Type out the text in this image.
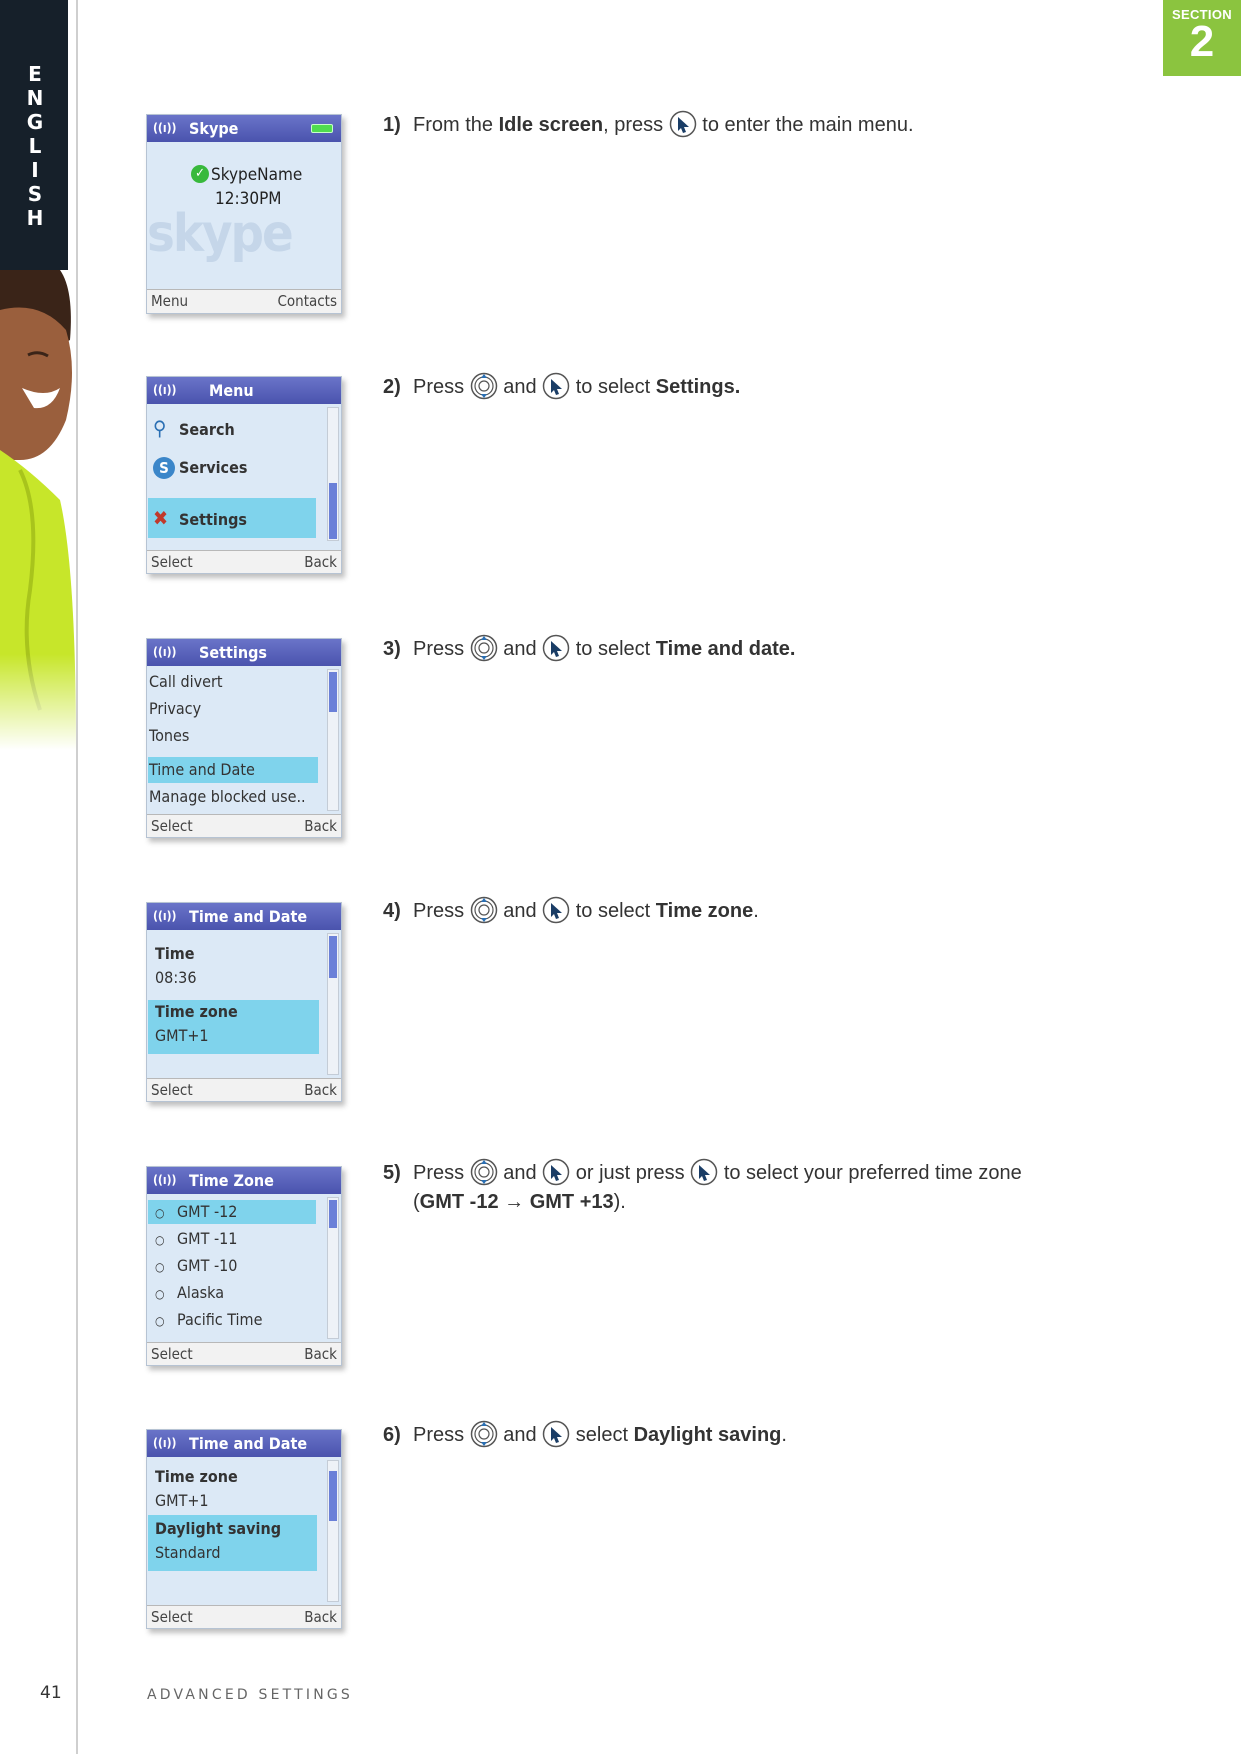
E
N
G
L
I
S
H
SECTION
2
((ı)) Skype
skype
✓ SkypeName
12:30PM
Menu	Contacts
((ı)) Menu
⚲ Search
S Services
✖ Settings
Select	Back
((ı)) Settings
Call divert
Privacy
Tones
Time and Date
Manage blocked use..
Select	Back
((ı)) Time and Date
Time
08:36
Time zone
GMT+1
Select	Back
((ı)) Time Zone
○ GMT -12
○ GMT -11
○ GMT -10
○ Alaska
○ Pacific Time
Select	Back
((ı)) Time and Date
Time zone
GMT+1
Daylight saving
Standard
Select	Back
1) From the Idle screen, press to enter the main menu.
2) Press and to select Settings.
3) Press and to select Time and date.
4) Press and to select Time zone.
5) Press and or just press to select your preferred time zone
(GMT -12 → GMT +13).
6) Press and select Daylight saving.
41	ADVANCED SETTINGS
